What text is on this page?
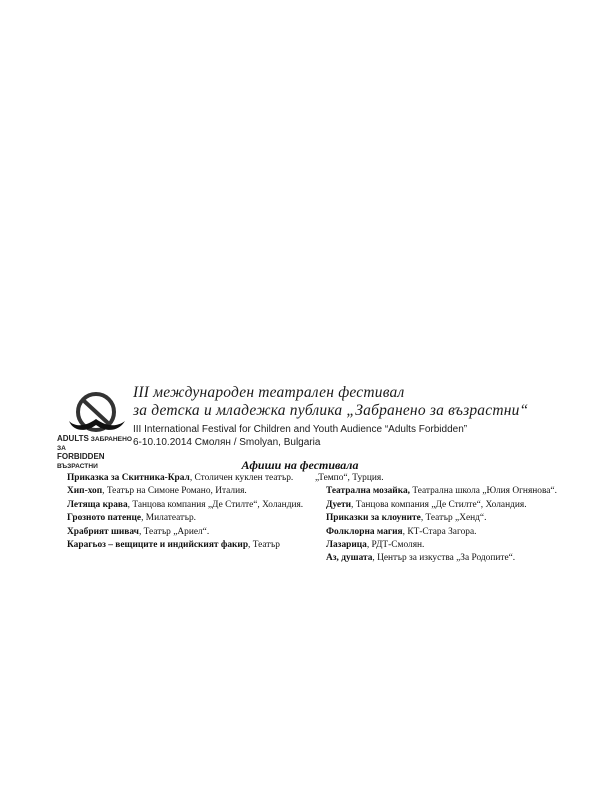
ADULTS ЗАБРАНЕНО ЗА
FORBIDDEN ВЪЗРАСТНИ
III международен театрален фестивал
за детска и младежка публика „Забранено за възрастни“
III International Festival for Children and Youth Audience “Adults Forbidden”
6-10.10.2014 Смолян / Smolyan, Bulgaria
Афиши на фестивала

Приказка за Скитника-Крал, Столичен куклен театър.

Хип-хоп, Театър на Симоне Романо, Италия.

Летяща крава, Танцова компания „Де Стилте“, Холандия.

Грозното патенце, Милатеатър.

Храбрият шивач, Театър „Ариел“.

Карагьоз – вещиците и индийският факир, Театър

„Темпо“, Турция.

Театрална мозайка, Театрална школа „Юлия Огнянова“.

Дуети, Танцова компания „Де Стилте“, Холандия.

Приказки за клоуните, Театър „Хенд“.

Фолклорна магия, КТ-Стара Загора.

Лазарица, РДТ-Смолян.

Аз, душата, Център за изкуства „За Родопите“.
